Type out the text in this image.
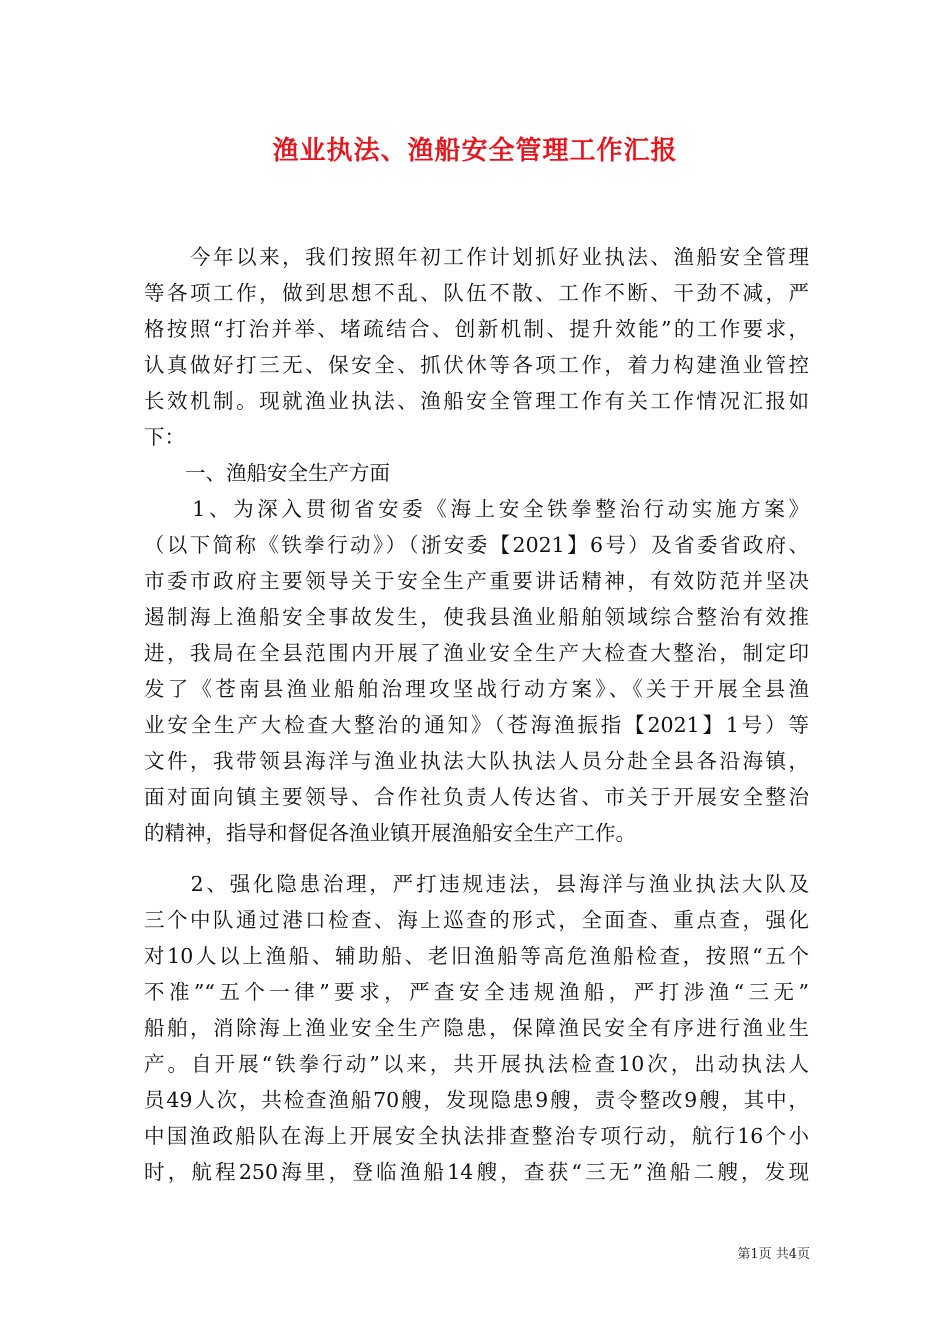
渔业执法、渔船安全管理工作汇报
　　今年以来，我们按照年初工作计划抓好业执法、渔船安全管理
等各项工作，做到思想不乱、队伍不散、工作不断、干劲不减，严
格按照“打治并举、堵疏结合、创新机制、提升效能”的工作要求，
认真做好打三无、保安全、抓伏休等各项工作，着力构建渔业管控
长效机制。现就渔业执法、渔船安全管理工作有关工作情况汇报如
下：
　　一、渔船安全生产方面
　　1、为深入贯彻省安委《海上安全铁拳整治行动实施方案》
（以下简称《铁拳行动》）（浙安委【2021】6号）及省委省政府、
市委市政府主要领导关于安全生产重要讲话精神，有效防范并坚决
遏制海上渔船安全事故发生，使我县渔业船舶领域综合整治有效推
进，我局在全县范围内开展了渔业安全生产大检查大整治，制定印
发了《苍南县渔业船舶治理攻坚战行动方案》、《关于开展全县渔
业安全生产大检查大整治的通知》（苍海渔振指【2021】1号）等
文件，我带领县海洋与渔业执法大队执法人员分赴全县各沿海镇，
面对面向镇主要领导、合作社负责人传达省、市关于开展安全整治
的精神，指导和督促各渔业镇开展渔船安全生产工作。
　　2、强化隐患治理，严打违规违法，县海洋与渔业执法大队及
三个中队通过港口检查、海上巡查的形式，全面查、重点查，强化
对10人以上渔船、辅助船、老旧渔船等高危渔船检查，按照“五个
不准”“五个一律”要求，严查安全违规渔船，严打涉渔“三无”
船舶，消除海上渔业安全生产隐患，保障渔民安全有序进行渔业生
产。自开展“铁拳行动”以来，共开展执法检查10次，出动执法人
员49人次，共检查渔船70艘，发现隐患9艘，责令整改9艘，其中，
中国渔政船队在海上开展安全执法排查整治专项行动，航行16个小
时，航程250海里，登临渔船14艘，查获“三无”渔船二艘，发现
第1页 共4页
